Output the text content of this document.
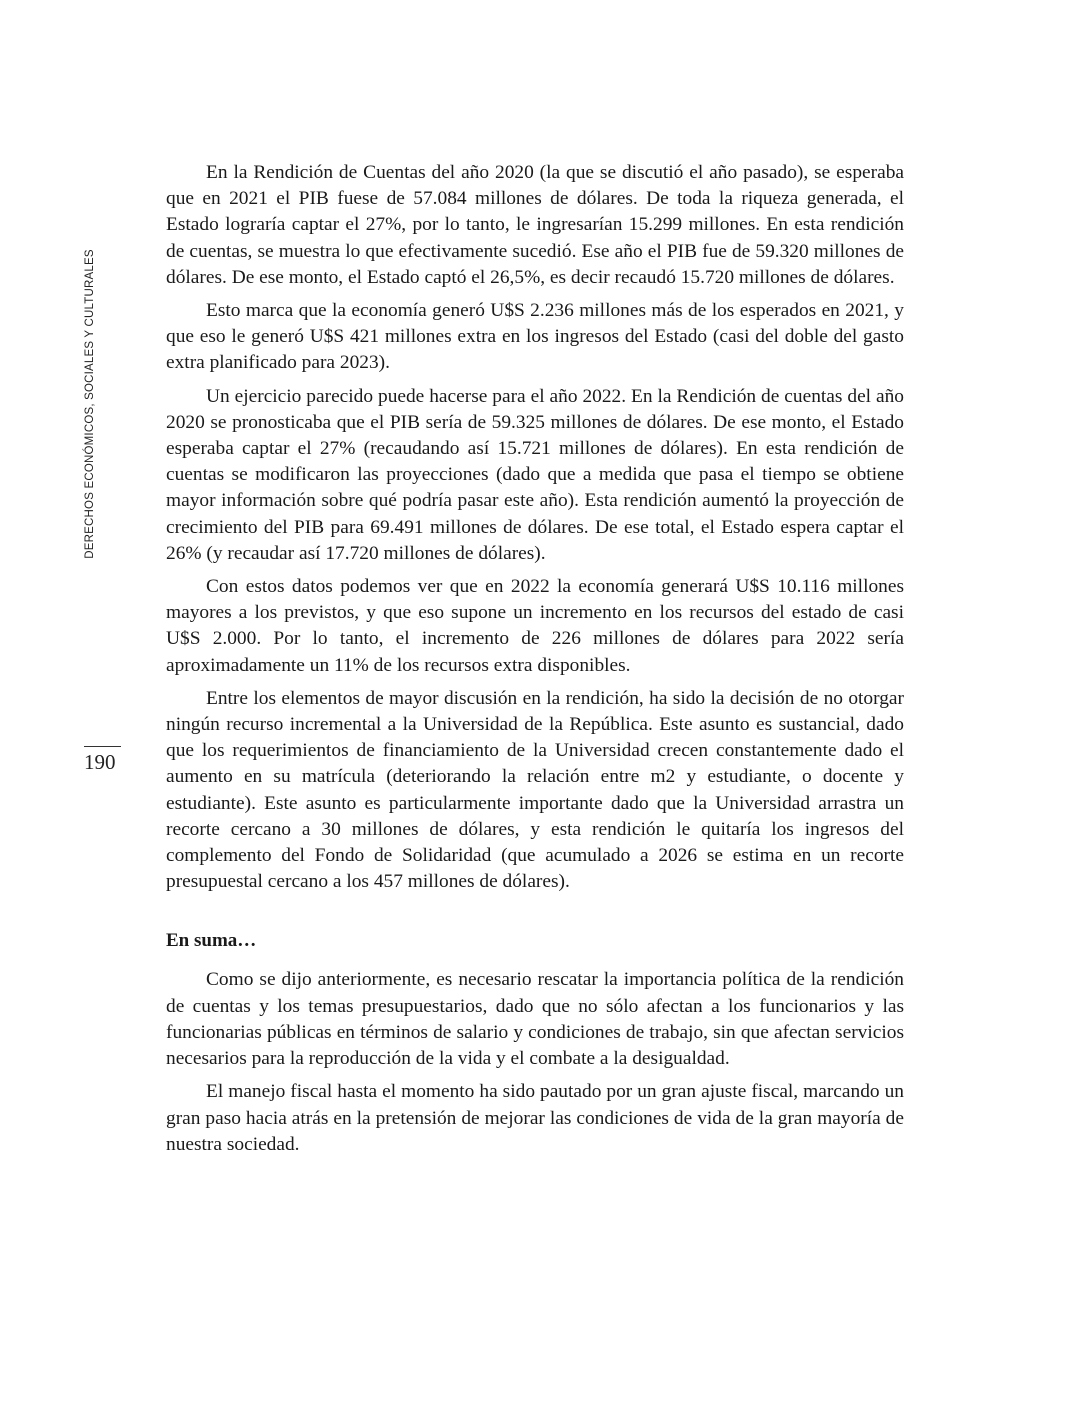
DERECHOS ECONÓMICOS, SOCIALES Y CULTURALES
190

En la Rendición de Cuentas del año 2020 (la que se discutió el año pasado), se esperaba que en 2021 el PIB fuese de 57.084 millones de dólares. De toda la riqueza generada, el Estado lograría captar el 27%, por lo tanto, le ingresarían 15.299 millones. En esta rendición de cuentas, se muestra lo que efectivamente sucedió. Ese año el PIB fue de 59.320 millones de dólares. De ese monto, el Estado captó el 26,5%, es decir recaudó 15.720 millones de dólares.

Esto marca que la economía generó U$S 2.236 millones más de los esperados en 2021, y que eso le generó U$S 421 millones extra en los ingresos del Estado (casi del doble del gasto extra planificado para 2023).

Un ejercicio parecido puede hacerse para el año 2022. En la Rendición de cuentas del año 2020 se pronosticaba que el PIB sería de 59.325 millones de dólares. De ese monto, el Estado esperaba captar el 27% (recaudando así 15.721 millones de dólares). En esta rendición de cuentas se modificaron las proyecciones (dado que a medida que pasa el tiempo se obtiene mayor información sobre qué podría pasar este año). Esta rendición aumentó la proyección de crecimiento del PIB para 69.491 millones de dólares. De ese total, el Estado espera captar el 26% (y recaudar así 17.720 millones de dólares).

Con estos datos podemos ver que en 2022 la economía generará U$S 10.116 millones mayores a los previstos, y que eso supone un incremento en los recursos del estado de casi U$S 2.000. Por lo tanto, el incremento de 226 millones de dólares para 2022 sería aproximadamente un 11% de los recursos extra disponibles.

Entre los elementos de mayor discusión en la rendición, ha sido la decisión de no otorgar ningún recurso incremental a la Universidad de la República. Este asunto es sustancial, dado que los requerimientos de financiamiento de la Universidad crecen constantemente dado el aumento en su matrícula (deteriorando la relación entre m2 y estudiante, o docente y estudiante). Este asunto es particularmente importante dado que la Universidad arrastra un recorte cercano a 30 millones de dólares, y esta rendición le quitaría los ingresos del complemento del Fondo de Solidaridad (que acumulado a 2026 se estima en un recorte presupuestal cercano a los 457 millones de dólares).

En suma…

Como se dijo anteriormente, es necesario rescatar la importancia política de la rendición de cuentas y los temas presupuestarios, dado que no sólo afectan a los funcionarios y las funcionarias públicas en términos de salario y condiciones de trabajo, sin que afectan servicios necesarios para la reproducción de la vida y el combate a la desigualdad.

El manejo fiscal hasta el momento ha sido pautado por un gran ajuste fiscal, marcando un gran paso hacia atrás en la pretensión de mejorar las condiciones de vida de la gran mayoría de nuestra sociedad.
